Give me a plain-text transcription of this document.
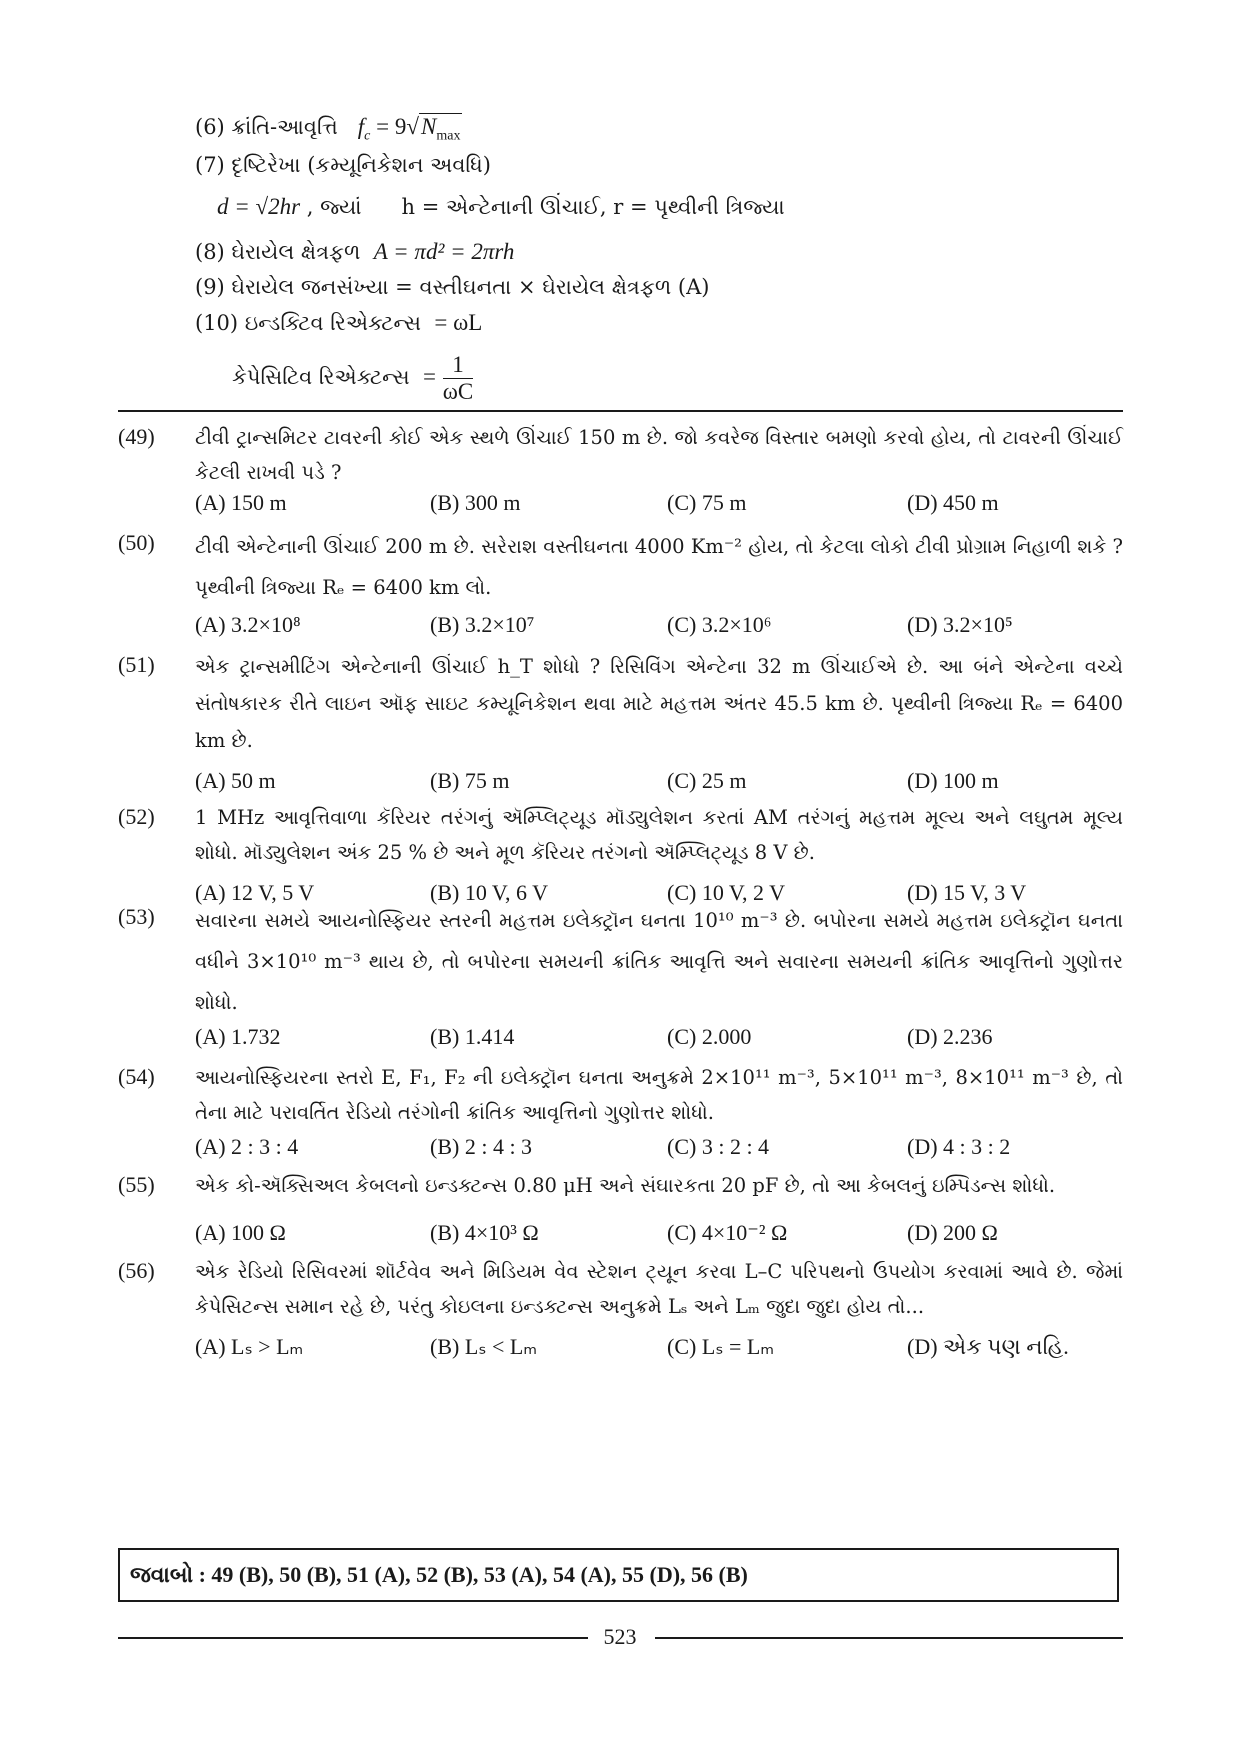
(6) ક્રાંતિ-આવૃત્તિ $f_c = 9√N_{max}$
(7) દૃષ્ટિરેખા (કમ્યૂનિકેશન અવધિ)
d = √2hr , જ્યાં h = એન્ટેનાની ઊંચાઈ, r = પૃથ્વીની ત્રિજ્યા
(8) ઘેરાયેલ ક્ષેત્રફળ A = πd² = 2πrh
(9) ઘેરાયેલ જનસંખ્યા = વસ્તીઘનતા × ઘેરાયેલ ક્ષેત્રફળ (A)
(10) ઇન્ડક્ટિવ રિએક્ટન્સ = ωL
કેપેસિટિવ રિએક્ટન્સ = $\frac{1}{\omega C}$
(49) ટીવી ટ્રાન્સમિટર ટાવરની કોઈ એક સ્થળે ઊંચાઈ 150 m છે. જો કવરેજ વિસ્તાર બમણો કરવો હોય, તો ટાવરની ઊંચાઈ કેટલી રાખવી પડે ?
(A) 150 m	(B) 300 m	(C) 75 m	(D) 450 m
(50) ટીવી એન્ટેનાની ઊંચાઈ 200 m છે. સરેરાશ વસ્તીઘનતા 4000 Km⁻² હોય, તો કેટલા લોકો ટીવી પ્રોગ્રામ નિહાળી શકે ? પૃથ્વીની ત્રિજ્યા Rₑ = 6400 km લો.
(A) 3.2×10⁸	(B) 3.2×10⁷	(C) 3.2×10⁶	(D) 3.2×10⁵
(51) એક ટ્રાન્સમીટિંગ એન્ટેનાની ઊંચાઈ h_T શોધો ? રિસિવિંગ એન્ટેના 32 m ઊંચાઈએ છે. આ બંને એન્ટેના વચ્ચે સંતોષકારક રીતે લાઇન ઑફ સાઇટ કમ્યૂનિકેશન થવા માટે મહત્તમ અંતર 45.5 km છે. પૃથ્વીની ત્રિજ્યા Rₑ = 6400 km છે.
(A) 50 m	(B) 75 m	(C) 25 m	(D) 100 m
(52) 1 MHz આવૃત્તિવાળા કૅરિયર તરંગનું ઍમ્પ્લિટ્યૂડ મૉડ્યુલેશન કરતાં AM તરંગનું મહત્તમ મૂલ્ય અને લઘુતમ મૂલ્ય શોધો. મૉડ્યુલેશન અંક 25 % છે અને મૂળ કૅરિયર તરંગનો ઍમ્પ્લિટ્યૂડ 8 V છે.
(A) 12 V, 5 V	(B) 10 V, 6 V	(C) 10 V, 2 V	(D) 15 V, 3 V
(53) સવારના સમયે આયનોસ્ફિયર સ્તરની મહત્તમ ઇલેક્ટ્રૉન ઘનતા 10¹⁰ m⁻³ છે. બપોરના સમયે મહત્તમ ઇલેક્ટ્રૉન ઘનતા વધીને 3×10¹⁰ m⁻³ થાય છે, તો બપોરના સમયની ક્રાંતિક આવૃત્તિ અને સવારના સમયની ક્રાંતિક આવૃત્તિનો ગુણોત્તર શોધો.
(A) 1.732	(B) 1.414	(C) 2.000	(D) 2.236
(54) આયનોસ્ફિયરના સ્તરો E, F₁, F₂ ની ઇલેક્ટ્રૉન ઘનતા અનુક્રમે 2×10¹¹ m⁻³, 5×10¹¹ m⁻³, 8×10¹¹ m⁻³ છે, તો તેના માટે પરાવર્તિત રેડિયો તરંગોની ક્રાંતિક આવૃત્તિનો ગુણોત્તર શોધો.
(A) 2 : 3 : 4	(B) 2 : 4 : 3	(C) 3 : 2 : 4	(D) 4 : 3 : 2
(55) એક કો-ઍક્સિઅલ કેબલનો ઇન્ડક્ટન્સ 0.80 μH અને સંઘારકતા 20 pF છે, તો આ કેબલનું ઇમ્પિડન્સ શોધો.
(A) 100 Ω	(B) 4×10³ Ω	(C) 4×10⁻² Ω	(D) 200 Ω
(56) એક રેડિયો રિસિવરમાં શૉર્ટવેવ અને મિડિયમ વેવ સ્ટેશન ટ્યૂન કરવા L–C પરિપથનો ઉપયોગ કરવામાં આવે છે. જેમાં કેપેસિટન્સ સમાન રહે છે, પરંતુ કોઇલના ઇન્ડક્ટન્સ અનુક્રમે Lₛ અને Lₘ જુદા જુદા હોય તો...
(A) Lₛ > Lₘ	(B) Lₛ < Lₘ	(C) Lₛ = Lₘ	(D) એક પણ નહિ.
જવાબો : 49 (B), 50 (B), 51 (A), 52 (B), 53 (A), 54 (A), 55 (D), 56 (B)
523
